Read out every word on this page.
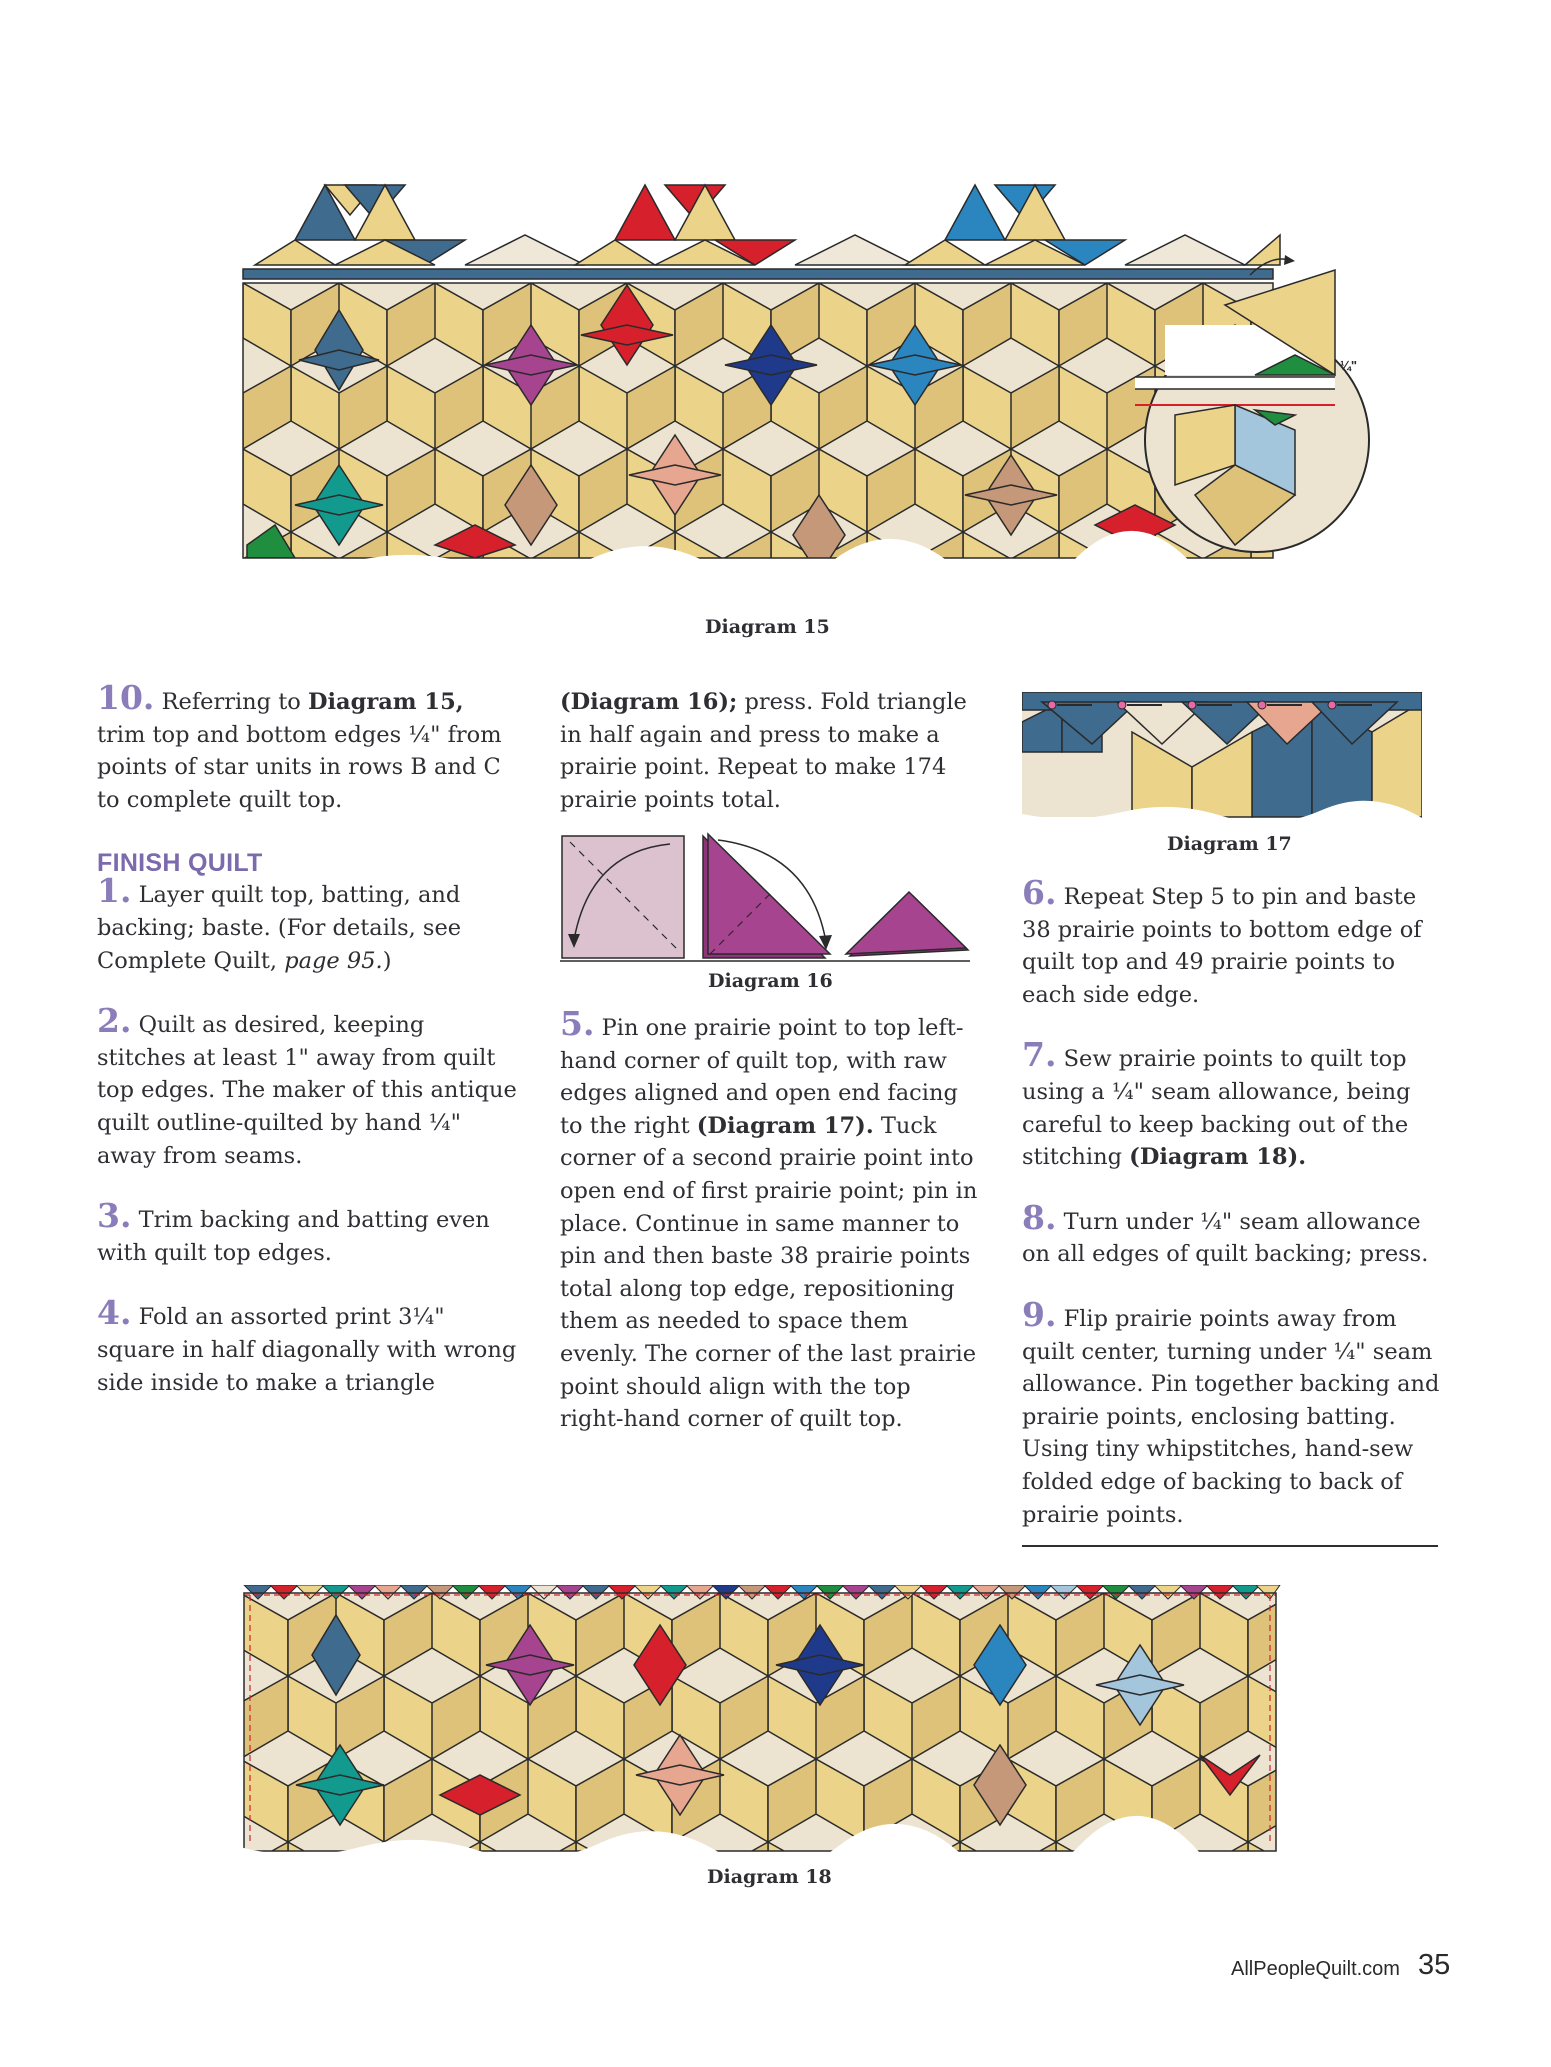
¼"
Diagram 15

10. Referring to Diagram 15, trim top and bottom edges ¼" from points of star units in rows B and C to complete quilt top.

FINISH QUILT

1. Layer quilt top, batting, and backing; baste. (For details, see Complete Quilt, page 95.)

2. Quilt as desired, keeping stitches at least 1" away from quilt top edges. The maker of this antique quilt outline-quilted by hand ¼" away from seams.

3. Trim backing and batting even with quilt top edges.

4. Fold an assorted print 3¼" square in half diagonally with wrong side inside to make a triangle

(Diagram 16); press. Fold triangle in half again and press to make a prairie point. Repeat to make 174 prairie points total.

Diagram 16

5. Pin one prairie point to top left-hand corner of quilt top, with raw edges aligned and open end facing to the right (Diagram 17). Tuck corner of a second prairie point into open end of first prairie point; pin in place. Continue in same manner to pin and then baste 38 prairie points total along top edge, repositioning them as needed to space them evenly. The corner of the last prairie point should align with the top right-hand corner of quilt top.

Diagram 17

6. Repeat Step 5 to pin and baste 38 prairie points to bottom edge of quilt top and 49 prairie points to each side edge.

7. Sew prairie points to quilt top using a ¼" seam allowance, being careful to keep backing out of the stitching (Diagram 18).

8. Turn under ¼" seam allowance on all edges of quilt backing; press.

9. Flip prairie points away from quilt center, turning under ¼" seam allowance. Pin together backing and prairie points, enclosing batting. Using tiny whipstitches, hand-sew folded edge of backing to back of prairie points.

Diagram 18
AllPeopleQuilt.com 35
